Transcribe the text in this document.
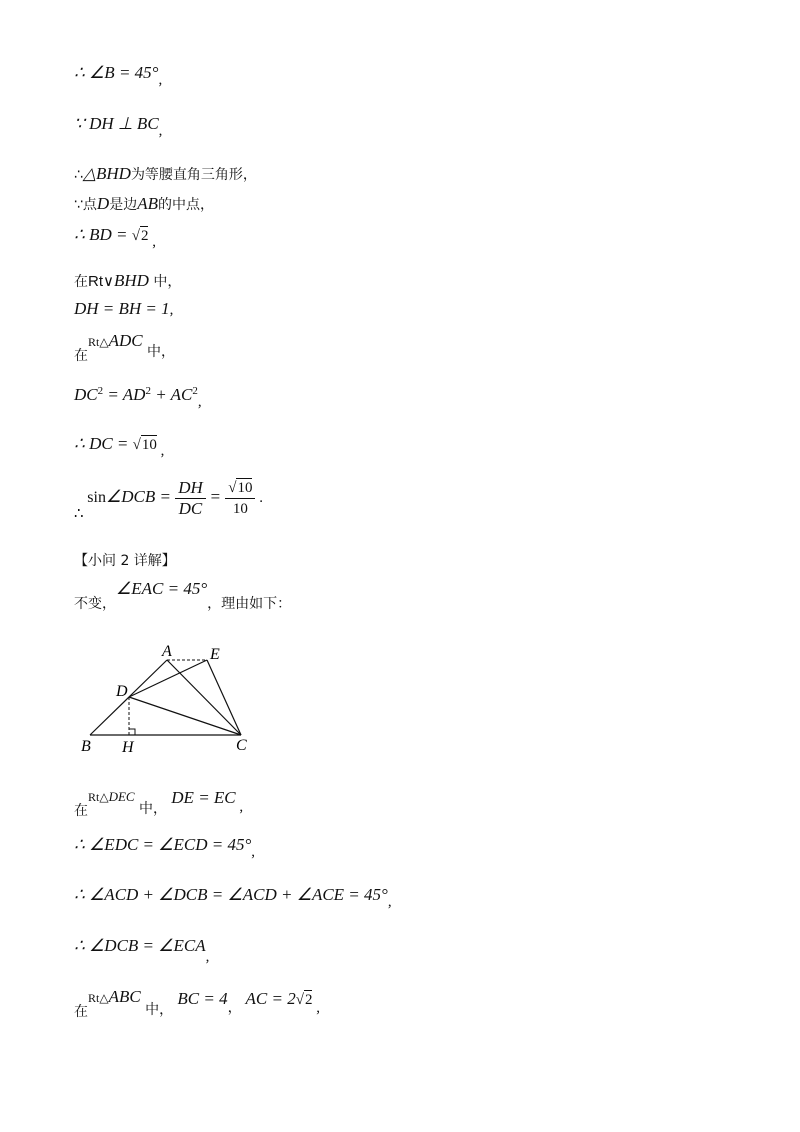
∴ ∠B = 45°,
∵ DH ⊥ BC,
∴△BHD为等腰直角三角形，
∵点D是边AB的中点，
∴ BD = √2 ,
在Rt∨BHD 中，
DH = BH = 1,
在$^{Rt\triangle}$ADC 中，
$DC^2 = AD^2 + AC^2$,
∴ DC = √10 ,
∴ sin∠DCB = $\frac{DH}{DC} = \frac{√10}{10}$ .
【小问 2 详解】
不变，∠EAC = 45°，理由如下：
A E
D
B H	C
在$^{Rt\triangle}$DEC 中， DE = EC ,
∴ ∠EDC = ∠ECD = 45°,
∴ ∠ACD + ∠DCB = ∠ACD + ∠ACE = 45°,
∴ ∠DCB = ∠ECA,
在$^{Rt\triangle}$ABC 中， BC = 4， AC = 2√2 ,
